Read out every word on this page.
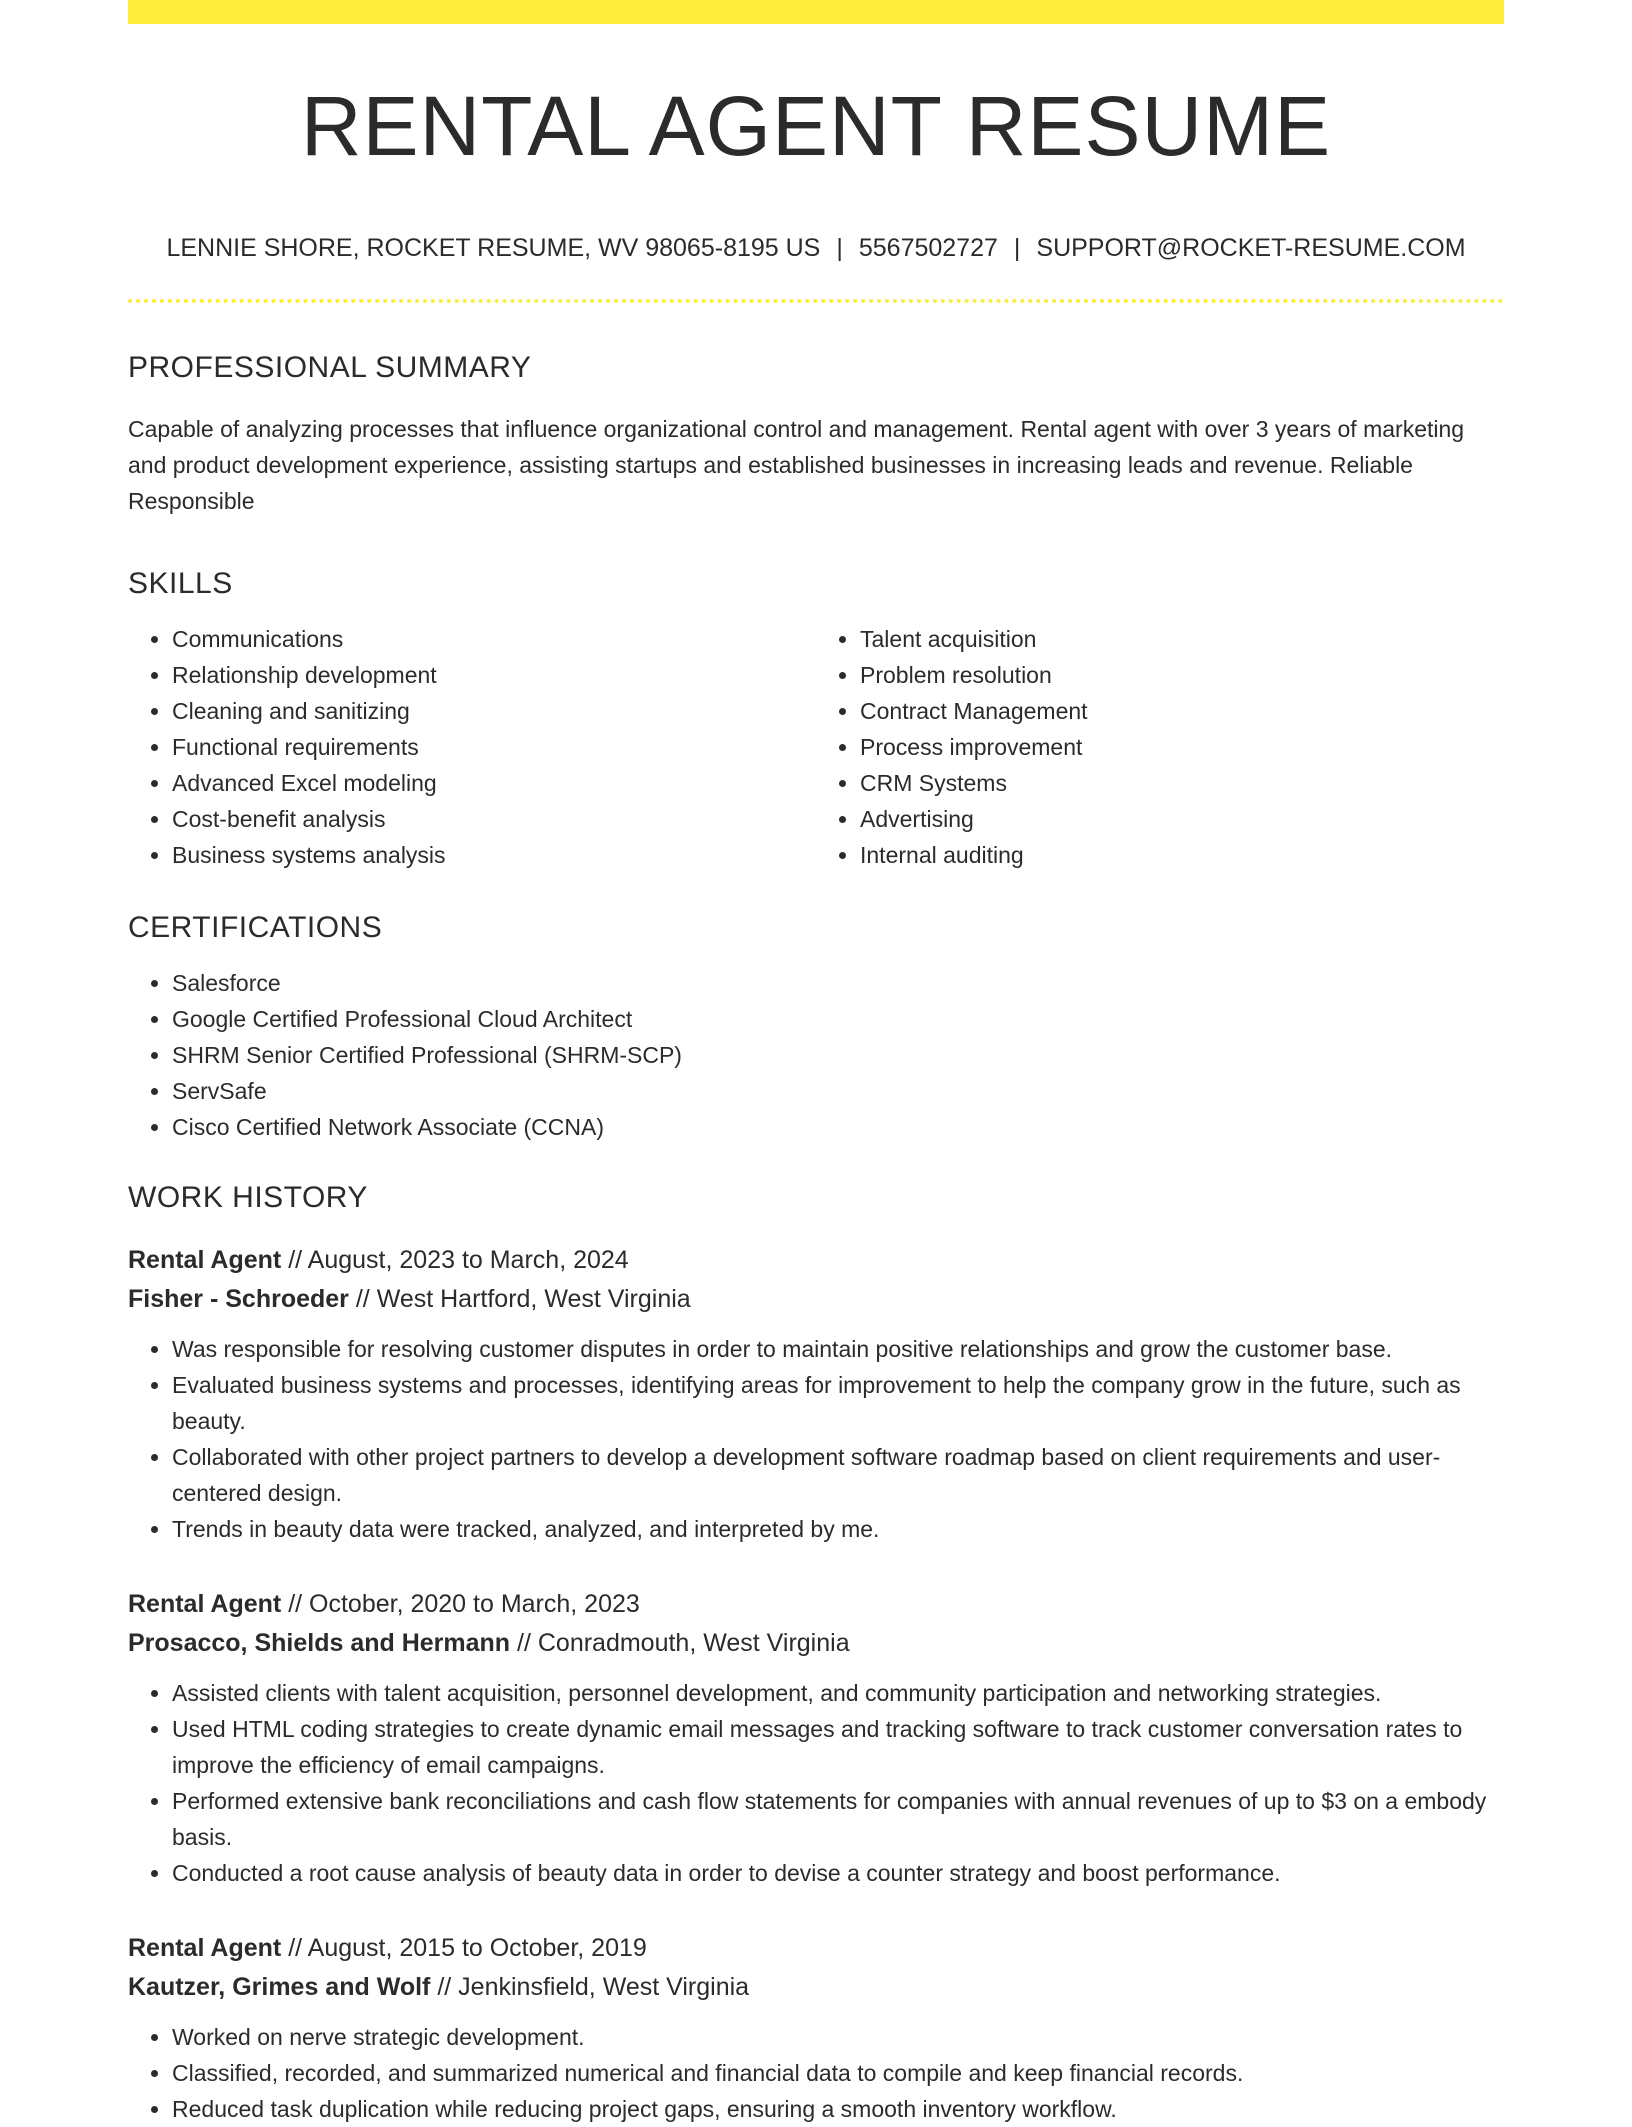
RENTAL AGENT RESUME
LENNIE SHORE, ROCKET RESUME, WV 98065-8195 US | 5567502727 | SUPPORT@ROCKET-RESUME.COM
PROFESSIONAL SUMMARY
Capable of analyzing processes that influence organizational control and management. Rental agent with over 3 years of marketing and product development experience, assisting startups and established businesses in increasing leads and revenue. Reliable Responsible
SKILLS
• Communications
• Relationship development
• Cleaning and sanitizing
• Functional requirements
• Advanced Excel modeling
• Cost-benefit analysis
• Business systems analysis
• Talent acquisition
• Problem resolution
• Contract Management
• Process improvement
• CRM Systems
• Advertising
• Internal auditing
CERTIFICATIONS
• Salesforce
• Google Certified Professional Cloud Architect
• SHRM Senior Certified Professional (SHRM-SCP)
• ServSafe
• Cisco Certified Network Associate (CCNA)
WORK HISTORY
Rental Agent // August, 2023 to March, 2024
Fisher - Schroeder // West Hartford, West Virginia
• Was responsible for resolving customer disputes in order to maintain positive relationships and grow the customer base.
• Evaluated business systems and processes, identifying areas for improvement to help the company grow in the future, such as beauty.
• Collaborated with other project partners to develop a development software roadmap based on client requirements and user-centered design.
• Trends in beauty data were tracked, analyzed, and interpreted by me.
Rental Agent // October, 2020 to March, 2023
Prosacco, Shields and Hermann // Conradmouth, West Virginia
• Assisted clients with talent acquisition, personnel development, and community participation and networking strategies.
• Used HTML coding strategies to create dynamic email messages and tracking software to track customer conversation rates to improve the efficiency of email campaigns.
• Performed extensive bank reconciliations and cash flow statements for companies with annual revenues of up to $3 on a embody basis.
• Conducted a root cause analysis of beauty data in order to devise a counter strategy and boost performance.
Rental Agent // August, 2015 to October, 2019
Kautzer, Grimes and Wolf // Jenkinsfield, West Virginia
• Worked on nerve strategic development.
• Classified, recorded, and summarized numerical and financial data to compile and keep financial records.
• Reduced task duplication while reducing project gaps, ensuring a smooth inventory workflow.
